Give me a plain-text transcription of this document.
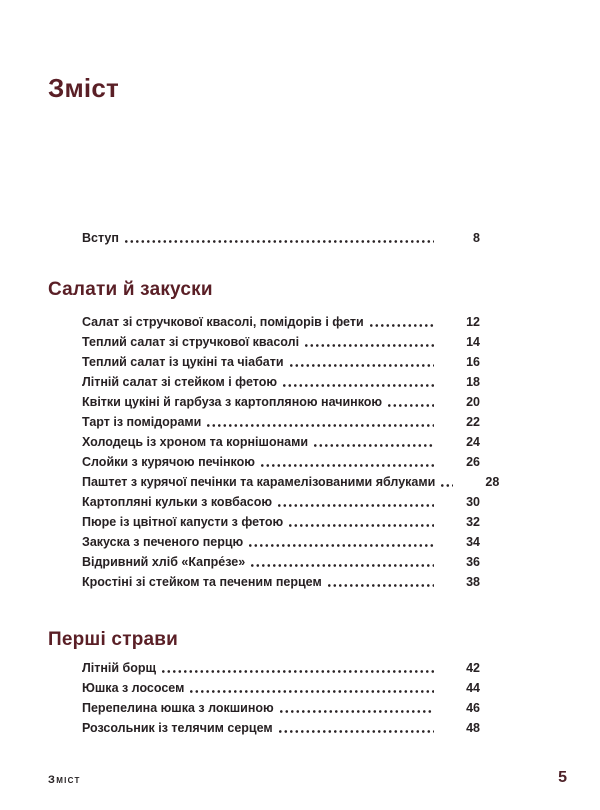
Зміст
Вступ	8
Салати й закуски
Салат зі стручкової квасолі, помідорів і фети	12
Теплий салат зі стручкової квасолі	14
Теплий салат із цукіні та чіабати	16
Літній салат зі стейком і фетою	18
Квітки цукіні й гарбуза з картопляною начинкою	20
Тарт із помідорами	22
Холодець із хроном та корнішонами	24
Слойки з курячою печінкою	26
Паштет з курячої печінки та карамелізованими яблуками	28
Картопляні кульки з ковбасою	30
Пюре із цвітної капусти з фетою	32
Закуска з печеного перцю	34
Відривний хліб «Капре́зе»	36
Кростіні зі стейком та печеним перцем	38
Перші страви
Літній борщ	42
Юшка з лососем	44
Перепелина юшка з локшиною	46
Розсольник із телячим серцем	48
Зміст	5
